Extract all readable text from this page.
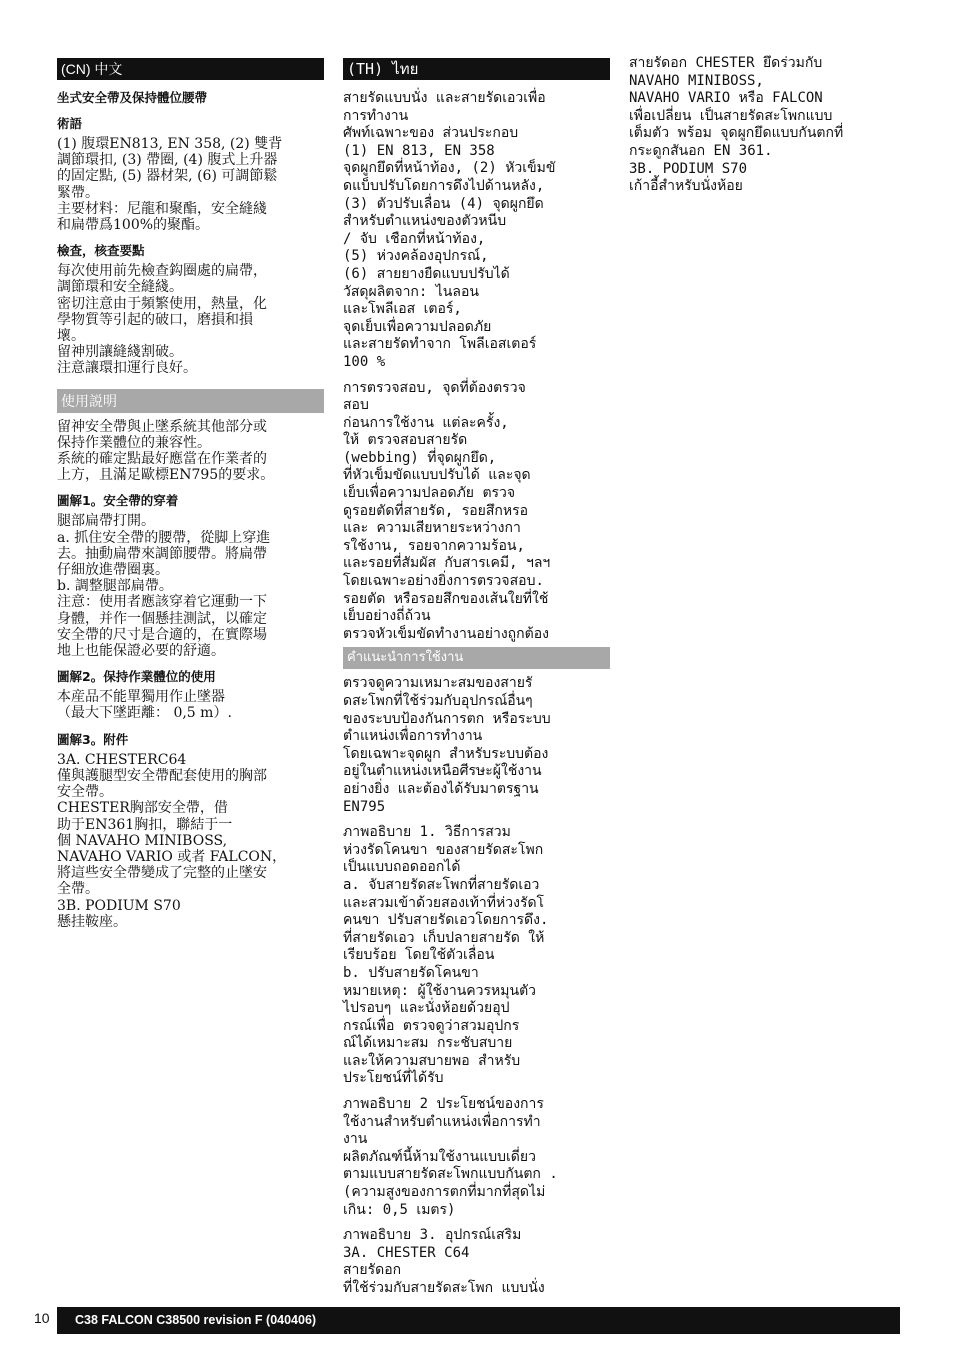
(CN) 中文
坐式安全帶及保持體位腰帶
術語

(1) 腹環EN813, EN 358, (2) 雙背

調節環扣, (3) 帶圈, (4) 腹式上升器

的固定點, (5) 器材架, (6) 可調節鬆

緊帶。

主要材料：尼龍和聚酯，安全縫綫

和扁帶爲100%的聚酯。

檢查，核查要點

每次使用前先檢查鈎圈處的扁帶，

調節環和安全縫綫。

密切注意由于頻繁使用，熱量，化

學物質等引起的破口，磨損和損

壞。

留神別讓縫綫割破。

注意讓環扣運行良好。

使用説明

留神安全帶與止墜系統其他部分或

保持作業體位的兼容性。

系統的確定點最好應當在作業者的

上方，且滿足歐標EN795的要求。

圖解1。安全帶的穿着

腿部扁帶打開。

a. 抓住安全帶的腰帶，從脚上穿進

去。抽動扁帶來調節腰帶。將扁帶

仔細放進帶圈裏。

b. 調整腿部扁帶。

注意：使用者應該穿着它運動一下

身體，并作一個懸挂測試，以確定

安全帶的尺寸是合適的，在實際場

地上也能保證必要的舒適。

圖解2。保持作業體位的使用

本産品不能單獨用作止墜器

（最大下墜距離： 0,5 m）.

圖解3。附件

3A. CHESTERC64

僅與護腿型安全帶配套使用的胸部

安全帶。

CHESTER胸部安全帶，借

助于EN361胸扣，聯結于一

個 NAVAHO MINIBOSS,

NAVAHO VARIO 或者 FALCON，

將這些安全帶變成了完整的止墜安

全帶。

3B. PODIUM S70

懸挂鞍座。

(TH) ไทย

สายรัดแบบนั่ง และสายรัดเอวเพื่อ

การทำงาน

ศัพท์เฉพาะของ ส่วนประกอบ

(1) EN 813, EN 358

จุดผูกยึดที่หน้าท้อง, (2) หัวเข็มขั

ดแบ็บปรับโดยการดึงไปด้านหลัง,

(3) ตัวปรับเลื่อน (4) จุดผูกยึด

สำหรับตำแหน่งของตัวหนีบ

/ จับ เชือกที่หน้าท้อง,

(5) ห่วงคล้องอุปกรณ์,

(6) สายยางยืดแบบปรับได้

วัสดุผลิตจาก: ไนลอน

และโพลีเอส เตอร์,

จุดเย็บเพื่อความปลอดภัย

และสายรัดทำจาก โพลีเอสเตอร์

100 %

การตรวจสอบ, จุดที่ต้องตรวจ

สอบ

ก่อนการใช้งาน แต่ละครั้ง,

ให้ ตรวจสอบสายรัด

(webbing) ที่จุดผูกยึด,

ที่หัวเข็มขัดแบบปรับได้ และจุด

เย็บเพื่อความปลอดภัย ตรวจ

ดูรอยตัดที่สายรัด, รอยสึกหรอ

และ ความเสียหายระหว่างกา

รใช้งาน, รอยจากความร้อน,

และรอยที่สัมผัส กับสารเคมี, ฯลฯ

โดยเฉพาะอย่างยิ่งการตรวจสอบ.

รอยตัด หรือรอยสึกของเส้นใยที่ใช้

เย็บอย่างถี่ถ้วน

ตรวจหัวเข็มขัดทำงานอย่างถูกต้อง

คำแนะนำการใช้งาน

ตรวจดูความเหมาะสมของสายรั

ดสะโพกที่ใช้ร่วมกับอุปกรณ์อื่นๆ

ของระบบป้องกันการตก หรือระบบ

ตำแหน่งเพื่อการทำงาน

โดยเฉพาะจุดผูก สำหรับระบบต้อง

อยู่ในตำแหน่งเหนือศีรษะผู้ใช้งาน

อย่างยิ่ง และต้องได้รับมาตรฐาน

EN795

ภาพอธิบาย 1. วิธีการสวม

ห่วงรัดโคนขา ของสายรัดสะโพก

เป็นแบบถอดออกได้

a. จับสายรัดสะโพกที่สายรัดเอว

และสวมเข้าด้วยสองเท้าที่ห่วงรัดโ

คนขา ปรับสายรัดเอวโดยการดึง.

ที่สายรัดเอว เก็บปลายสายรัด ให้

เรียบร้อย โดยใช้ตัวเลื่อน

b. ปรับสายรัดโคนขา

หมายเหตุ: ผู้ใช้งานควรหมุนตัว

ไปรอบๆ และนั่งห้อยด้วยอุป

กรณ์เพื่อ ตรวจดูว่าสวมอุปกร

ณ์ได้เหมาะสม กระชับสบาย

และให้ความสบายพอ สำหรับ

ประโยชน์ที่ได้รับ

ภาพอธิบาย 2 ประโยชน์ของการ

ใช้งานสำหรับตำแหน่งเพื่อการทำ

งาน

ผลิตภัณฑ์นี้ห้ามใช้งานแบบเดี่ยว

ตามแบบสายรัดสะโพกแบบกันตก .

(ความสูงของการตกที่มากที่สุดไม่

เกิน: 0,5 เมตร)

ภาพอธิบาย 3. อุปกรณ์เสริม

3A. CHESTER C64

สายรัดอก

ที่ใช้ร่วมกับสายรัดสะโพก แบบนั่ง

สายรัดอก CHESTER ยึดร่วมกับ

NAVAHO MINIBOSS,

NAVAHO VARIO หรือ FALCON

เพื่อเปลี่ยน เป็นสายรัดสะโพกแบบ

เต็มตัว พร้อม จุดผูกยึดแบบกันตกที่

กระดูกสันอก EN 361.

3B. PODIUM S70

เก้าอี้สำหรับนั่งห้อย

10	C38 FALCON C38500 revision F (040406)
